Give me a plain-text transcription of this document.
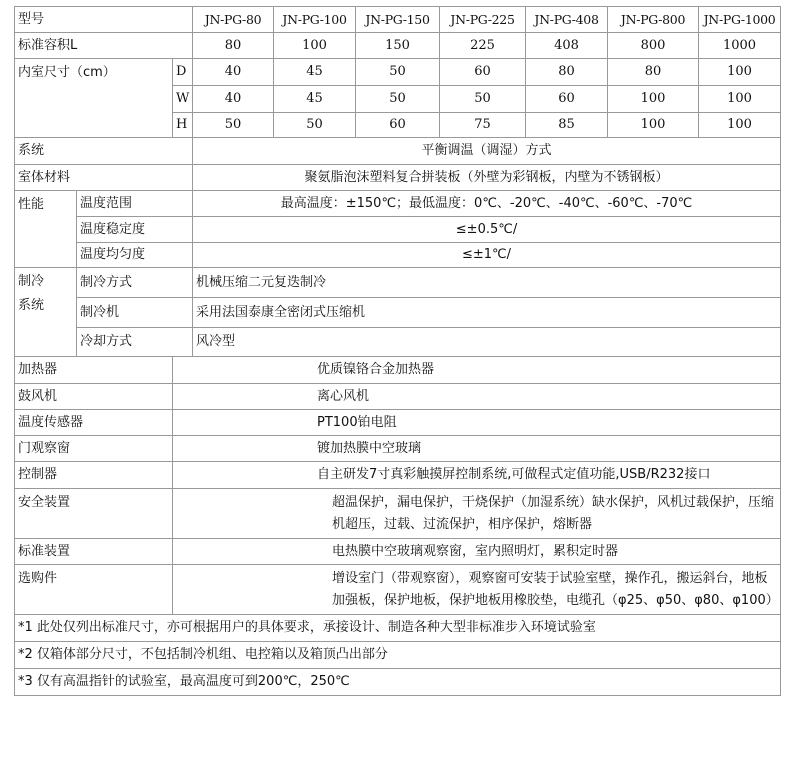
型号			JN-PG-80	JN-PG-100	JN-PG-150	JN-PG-225	JN-PG-408	JN-PG-800	JN-PG-1000
标准容积L			80	100	150	225	408	800	1000
内室尺寸（cm）		D	40	45	50	60	80	80	100
		W	40	45	50	50	60	100	100
		H	50	50	60	75	85	100	100
系统			平衡调温（调湿）方式						
室体材料			聚氨脂泡沫塑料复合拼装板（外壁为彩钢板，内壁为不锈钢板）						
性能	温度范围		最高温度：±150℃；最低温度：0℃、-20℃、-40℃、-60℃、-70℃						
	温度稳定度		≤±0.5℃/						
	温度均匀度		≤±1℃/						

制冷
系统	制冷方式		机械压缩二元复迭制冷						
	制冷机		采用法国泰康全密闭式压缩机						
	冷却方式		风冷型						
加热器		优质镍铬合金加热器							
鼓风机		离心风机							
温度传感器		PT100铂电阻							
门观察窗		镀加热膜中空玻璃							
控制器		自主研发7寸真彩触摸屏控制系统,可做程式定值功能,USB/R232接口							
安全装置		超温保护，漏电保护，干烧保护（加湿系统）缺水保护，风机过载保护，压缩机超压，过载、过流保护，相序保护，熔断器							

标准装置		电热膜中空玻璃观察窗，室内照明灯，累积定时器							
选购件		增设室门（带观察窗），观察窗可安装于试验室壁，操作孔，搬运斜台，地板加强板，保护地板，保护地板用橡胶垫，电缆孔（φ25、φ50、φ80、φ100）							

*1 此处仅列出标准尺寸，亦可根据用户的具体要求，承接设计、制造各种大型非标准步入环境试验室									
*2 仅箱体部分尺寸，不包括制冷机组、电控箱以及箱顶凸出部分									
*3 仅有高温指针的试验室，最高温度可到200℃，250℃									
